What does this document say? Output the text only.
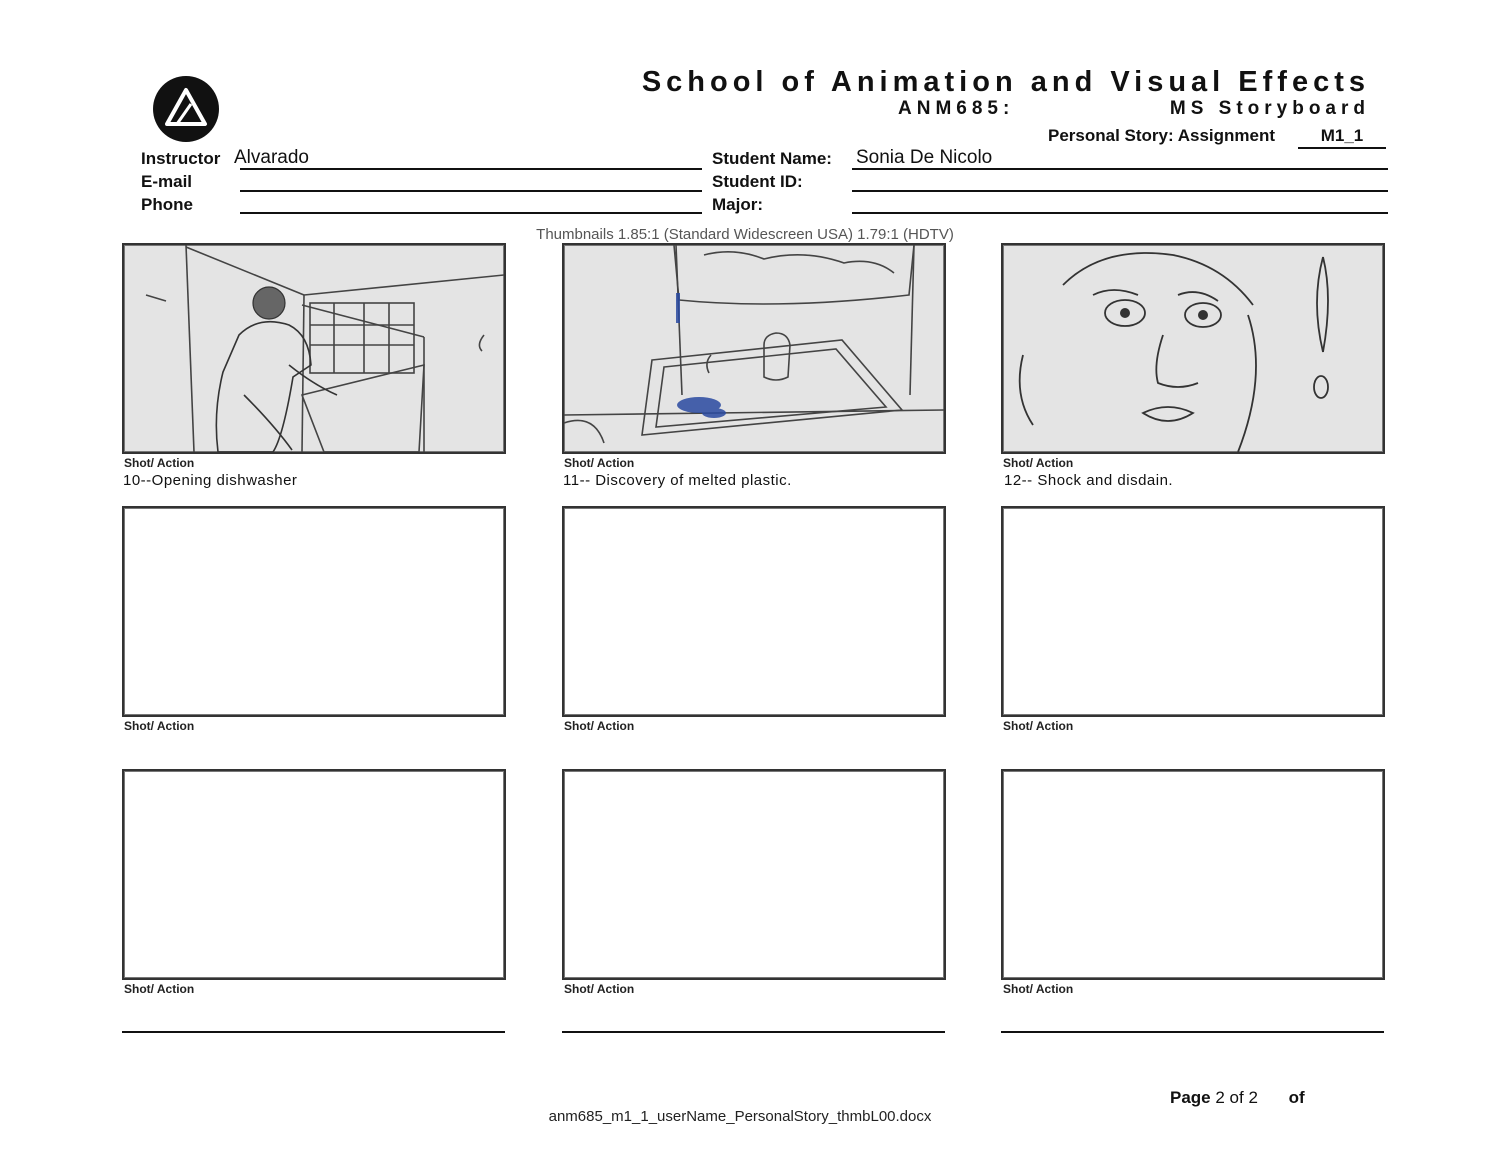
School of Animation and Visual Effects
ANM685:	MS Storyboard
Personal Story: Assignment	M1_1
Instructor Alvarado
E-mail
Phone
Student Name: Sonia De Nicolo
Student ID:
Major:
Thumbnails 1.85:1 (Standard Widescreen USA) 1.79:1 (HDTV)
Shot/ Action
10--Opening dishwasher
Shot/ Action
11-- Discovery of melted plastic.
Shot/ Action
12-- Shock and disdain.
Shot/ Action	Shot/ Action	Shot/ Action
Shot/ Action	Shot/ Action	Shot/ Action
Page 2 of 2 of
anm685_m1_1_userName_PersonalStory_thmbL00.docx
